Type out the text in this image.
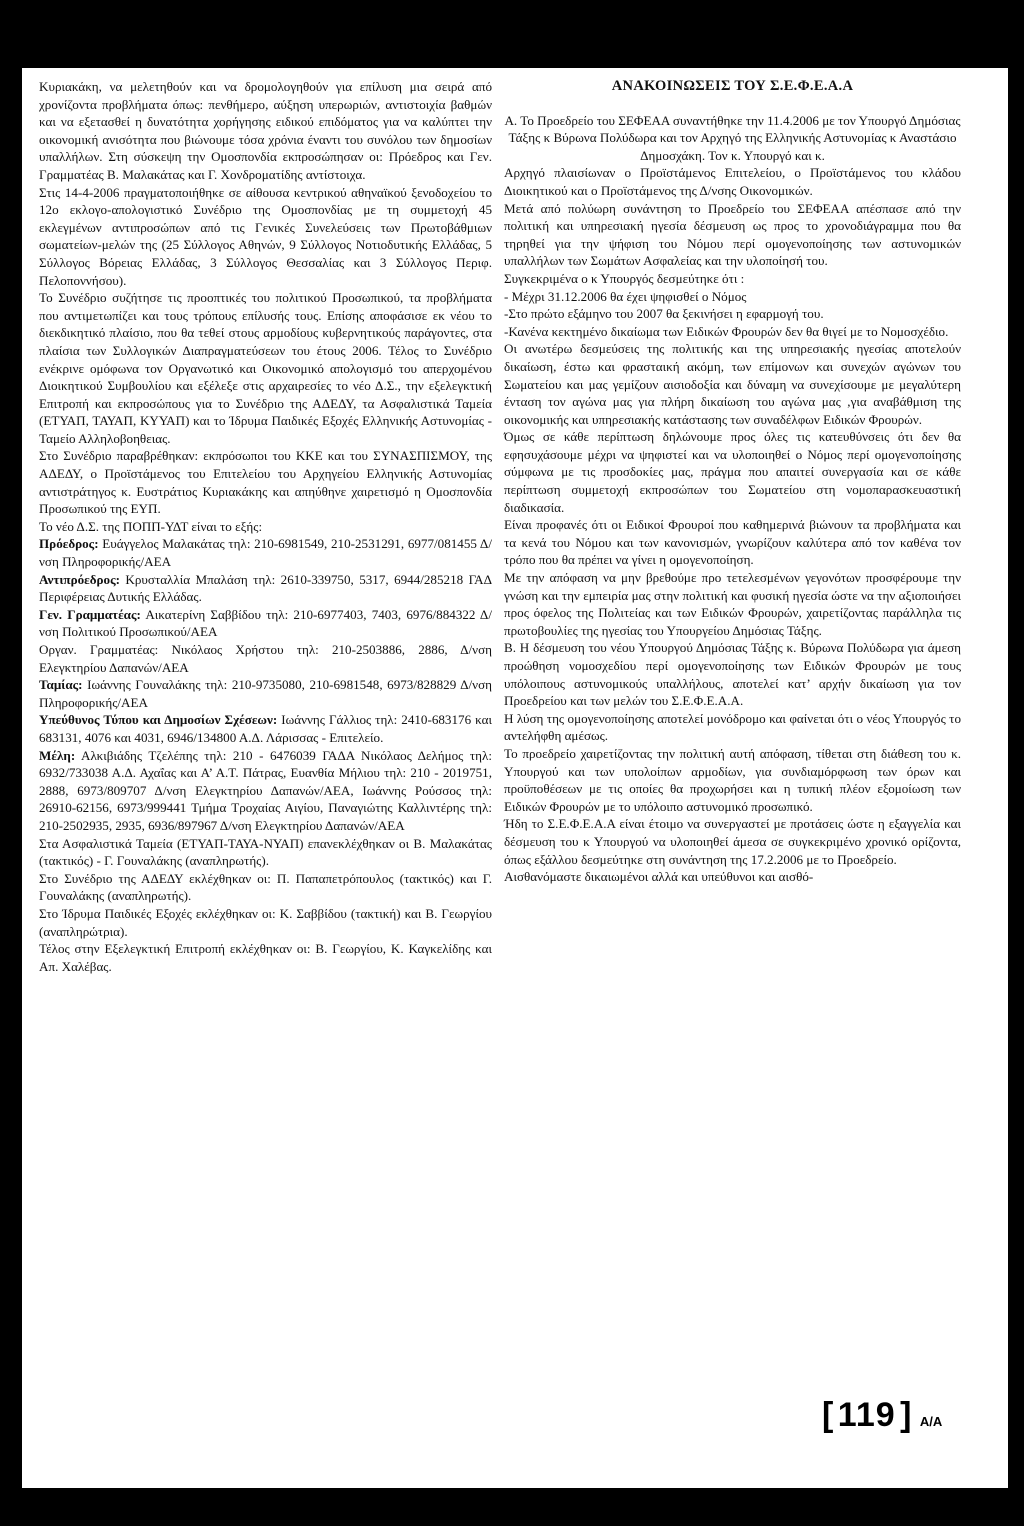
Κυριακάκη, να μελετηθούν και να δρομολογηθούν για επίλυση μια σειρά από χρονίζοντα προβλήματα όπως: πενθήμερο, αύξηση υπερωριών, αντιστοιχία βαθμών και να εξετασθεί η δυνατότητα χορήγησης ειδικού επιδόματος για να καλύπτει την οικονομική ανισότητα που βιώνουμε τόσα χρόνια έναντι του συνόλου των δημοσίων υπαλλήλων. Στη σύσκεψη την Ομοσπονδία εκπροσώπησαν οι: Πρόεδρος και Γεν. Γραμματέας Β. Μαλακάτας και Γ. Χονδροματίδης αντίστοιχα.

Στις 14-4-2006 πραγματοποιήθηκε σε αίθουσα κεντρικού αθηναϊκού ξενοδοχείου το 12ο εκλογο-απολογιστικό Συνέδριο της Ομοσπονδίας με τη συμμετοχή 45 εκλεγμένων αντιπροσώπων από τις Γενικές Συνελεύσεις των Πρωτοβάθμιων σωματείων-μελών της (25 Σύλλογος Αθηνών, 9 Σύλλογος Νοτιοδυτικής Ελλάδας, 5 Σύλλογος Βόρειας Ελλάδας, 3 Σύλλογος Θεσσαλίας και 3 Σύλλογος Περιφ. Πελοποννήσου).

Το Συνέδριο συζήτησε τις προοπτικές του πολιτικού Προσωπικού, τα προβλήματα που αντιμετωπίζει και τους τρόπους επίλυσής τους. Επίσης αποφάσισε εκ νέου το διεκδικητικό πλαίσιο, που θα τεθεί στους αρμοδίους κυβερνητικούς παράγοντες, στα πλαίσια των Συλλογικών Διαπραγματεύσεων του έτους 2006. Τέλος το Συνέδριο ενέκρινε ομόφωνα τον Οργανωτικό και Οικονομικό απολογισμό του απερχομένου Διοικητικού Συμβουλίου και εξέλεξε στις αρχαιρεσίες το νέο Δ.Σ., την εξελεγκτική Επιτροπή και εκπροσώπους για το Συνέδριο της ΑΔΕΔΥ, τα Ασφαλιστικά Ταμεία (ΕΤΥΑΠ, ΤΑΥΑΠ, ΚΥΥΑΠ) και το Ίδρυμα Παιδικές Εξοχές Ελληνικής Αστυνομίας - Ταμείο Αλληλοβοηθειας.

Στο Συνέδριο παραβρέθηκαν: εκπρόσωποι του ΚΚΕ και του ΣΥΝΑΣΠΙΣΜΟΥ, της ΑΔΕΔΥ, ο Προϊστάμενος του Επιτελείου του Αρχηγείου Ελληνικής Αστυνομίας αντιστράτηγος κ. Ευστράτιος Κυριακάκης και απηύθηνε χαιρετισμό η Ομοσπονδία Προσωπικού της ΕΥΠ.

Το νέο Δ.Σ. της ΠΟΠΠ-ΥΔΤ είναι το εξής:

Πρόεδρος: Ευάγγελος Μαλακάτας τηλ: 210-6981549, 210-2531291, 6977/081455 Δ/νση Πληροφορικής/ΑΕΑ

Αντιπρόεδρος: Κρυσταλλία Μπαλάση τηλ: 2610-339750, 5317, 6944/285218 ΓΑΔ Περιφέρειας Δυτικής Ελλάδας.

Γεν. Γραμματέας: Αικατερίνη Σαββίδου τηλ: 210-6977403, 7403, 6976/884322 Δ/νση Πολιτικού Προσωπικού/ΑΕΑ

Οργαν. Γραμματέας: Νικόλαος Χρήστου τηλ: 210-2503886, 2886, Δ/νση Ελεγκτηρίου Δαπανών/ΑΕΑ

Ταμίας: Ιωάννης Γουναλάκης τηλ: 210-9735080, 210-6981548, 6973/828829 Δ/νση Πληροφορικής/ΑΕΑ

Υπεύθυνος Τύπου και Δημοσίων Σχέσεων: Ιωάννης Γάλλιος τηλ: 2410-683176 και 683131, 4076 και 4031, 6946/134800 Α.Δ. Λάρισσας - Επιτελείο.

Μέλη: Αλκιβιάδης Τζελέπης τηλ: 210 - 6476039 ΓΑΔΑ Νικόλαος Δελήμος τηλ: 6932/733038 Α.Δ. Αχαΐας και Α’ Α.Τ. Πάτρας, Ευανθία Μήλιου τηλ: 210 - 2019751, 2888, 6973/809707 Δ/νση Ελεγκτηρίου Δαπανών/ΑΕΑ, Ιωάννης Ρούσσος τηλ: 26910-62156, 6973/999441 Τμήμα Τροχαίας Αιγίου, Παναγιώτης Καλλιντέρης τηλ: 210-2502935, 2935, 6936/897967 Δ/νση Ελεγκτηρίου Δαπανών/ΑΕΑ

Στα Ασφαλιστικά Ταμεία (ΕΤΥΑΠ-ΤΑΥΑ-ΝΥΑΠ) επανεκλέχθηκαν οι Β. Μαλακάτας (τακτικός) - Γ. Γουναλάκης (αναπληρωτής).

Στο Συνέδριο της ΑΔΕΔΥ εκλέχθηκαν οι: Π. Παπαπετρόπουλος (τακτικός) και Γ. Γουναλάκης (αναπληρωτής).

Στο Ίδρυμα Παιδικές Εξοχές εκλέχθηκαν οι: Κ. Σαββίδου (τακτική) και Β. Γεωργίου (αναπληρώτρια).

Τέλος στην Εξελεγκτική Επιτροπή εκλέχθηκαν οι: Β. Γεωργίου, Κ. Καγκελίδης και Απ. Χαλέβας.

ΑΝΑΚΟΙΝΩΣΕΙΣ ΤΟΥ Σ.Ε.Φ.Ε.Α.Α

Α. Το Προεδρείο του ΣΕΦΕΑΑ συναντήθηκε την 11.4.2006 με τον Υπουργό Δημόσιας Τάξης κ Βύρωνα Πολύδωρα και τον Αρχηγό της Ελληνικής Αστυνομίας κ Αναστάσιο Δημοσχάκη. Τον κ. Υπουργό και κ.

Αρχηγό πλαισίωναν ο Προϊστάμενος Επιτελείου, ο Προϊστάμενος του κλάδου Διοικητικού και ο Προϊστάμενος της Δ/νσης Οικονομικών.

Μετά από πολύωρη συνάντηση το Προεδρείο του ΣΕΦΕΑΑ απέσπασε από την πολιτική και υπηρεσιακή ηγεσία δέσμευση ως προς το χρονοδιάγραμμα που θα τηρηθεί για την ψήφιση του Νόμου περί ομογενοποίησης των αστυνομικών υπαλλήλων των Σωμάτων Ασφαλείας και την υλοποίησή του.

Συγκεκριμένα ο κ Υπουργός δεσμεύτηκε ότι :

- Μέχρι 31.12.2006 θα έχει ψηφισθεί ο Νόμος

-Στο πρώτο εξάμηνο του 2007 θα ξεκινήσει η εφαρμογή του.

-Κανένα κεκτημένο δικαίωμα των Ειδικών Φρουρών δεν θα θιγεί με το Νομοσχέδιο.

Οι ανωτέρω δεσμεύσεις της πολιτικής και της υπηρεσιακής ηγεσίας αποτελούν δικαίωση, έστω και φρασταική ακόμη, των επίμονων και συνεχών αγώνων του Σωματείου και μας γεμίζουν αισιοδοξία και δύναμη να συνεχίσουμε με μεγαλύτερη ένταση τον αγώνα μας για πλήρη δικαίωση του αγώνα μας ,για αναβάθμιση της οικονομικής και υπηρεσιακής κατάστασης των συναδέλφων Ειδικών Φρουρών.

Όμως σε κάθε περίπτωση δηλώνουμε προς όλες τις κατευθύνσεις ότι δεν θα εφησυχάσουμε μέχρι να ψηφιστεί και να υλοποιηθεί ο Νόμος περί ομογενοποίησης σύμφωνα με τις προσδοκίες μας, πράγμα που απαιτεί συνεργασία και σε κάθε περίπτωση συμμετοχή εκπροσώπων του Σωματείου στη νομοπαρασκευαστική διαδικασία.

Είναι προφανές ότι οι Ειδικοί Φρουροί που καθημερινά βιώνουν τα προβλήματα και τα κενά του Νόμου και των κανονισμών, γνωρίζουν καλύτερα από τον καθένα τον τρόπο που θα πρέπει να γίνει η ομογενοποίηση.

Με την απόφαση να μην βρεθούμε προ τετελεσμένων γεγονότων προσφέρουμε την γνώση και την εμπειρία μας στην πολιτική και φυσική ηγεσία ώστε να την αξιοποιήσει προς όφελος της Πολιτείας και των Ειδικών Φρουρών, χαιρετίζοντας παράλληλα τις πρωτοβουλίες της ηγεσίας του Υπουργείου Δημόσιας Τάξης.

Β. Η δέσμευση του νέου Υπουργού Δημόσιας Τάξης κ. Βύρωνα Πολύδωρα για άμεση προώθηση νομοσχεδίου περί ομογενοποίησης των Ειδικών Φρουρών με τους υπόλοιπους αστυνομικούς υπαλλήλους, αποτελεί κατ’ αρχήν δικαίωση για τον Προεδρείου και των μελών του Σ.Ε.Φ.Ε.Α.Α.

Η λύση της ομογενοποίησης αποτελεί μονόδρομο και φαίνεται ότι ο νέος Υπουργός το αντελήφθη αμέσως.

Το προεδρείο χαιρετίζοντας την πολιτική αυτή απόφαση, τίθεται στη διάθεση του κ. Υπουργού και των υπολοίπων αρμοδίων, για συνδιαμόρφωση των όρων και προϋποθέσεων με τις οποίες θα προχωρήσει και η τυπική πλέον εξομοίωση των Ειδικών Φρουρών με το υπόλοιπο αστυνομικό προσωπικό.

Ήδη το Σ.Ε.Φ.Ε.Α.Α είναι έτοιμο να συνεργαστεί με προτάσεις ώστε η εξαγγελία και δέσμευση του κ Υπουργού να υλοποιηθεί άμεσα σε συγκεκριμένο χρονικό ορίζοντα, όπως εξάλλου δεσμεύτηκε στη συνάντηση της 17.2.2006 με το Προεδρείο.

Αισθανόμαστε δικαιωμένοι αλλά και υπεύθυνοι και αισθό-

[ 119 ] $_{A/A}$
